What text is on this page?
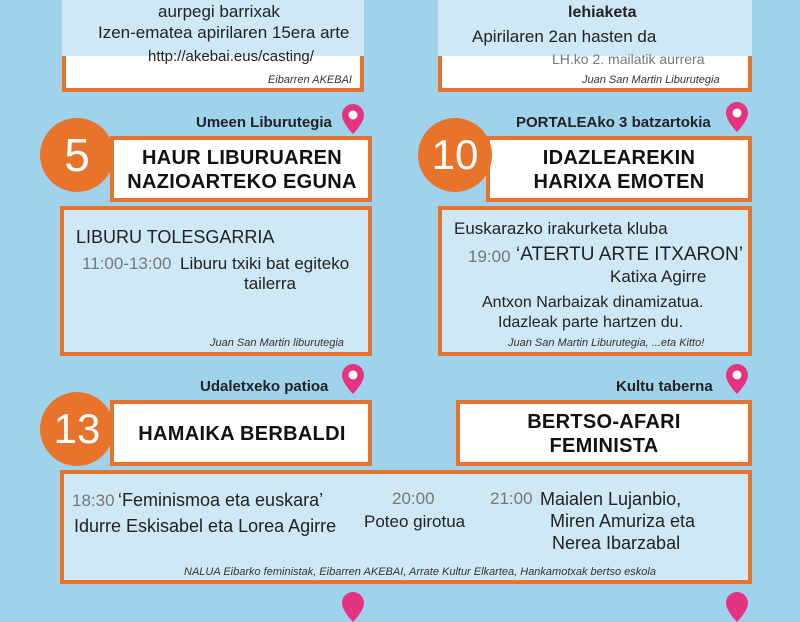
aurpegi barrixak
Izen-ematea apirilaren 15era arte
http://akebai.eus/casting/
Eibarren AKEBAI
lehiaketa
Apirilaren 2an hasten da
LH.ko 2. mailatik aurrera
Juan San Martin Liburutegia
Umeen Liburutegia
5	HAUR LIBURUAREN
NAZIOARTEKO EGUNA
LIBURU TOLESGARRIA
11:00-13:00 Liburu txiki bat egiteko
tailerra
Juan San Martin liburutegia
PORTALEAko 3 batzartokia
10	IDAZLEAREKIN
HARIXA EMOTEN
Euskarazko irakurketa kluba
19:00 ‘ATERTU ARTE ITXARON’
Katixa Agirre
Antxon Narbaizak dinamizatua.
Idazleak parte hartzen du.
Juan San Martin Liburutegia, ...eta Kitto!
Udaletxeko patioa	Kultu taberna
13	HAMAIKA BERBALDI
BERTSO-AFARI
FEMINISTA
18:30 ‘Feminismoa eta euskara’
Idurre Eskisabel eta Lorea Agirre
20:00
Poteo girotua
21:00 Maialen Lujanbio,
Miren Amuriza eta
Nerea Ibarzabal
NALUA Eibarko feministak, Eibarren AKEBAI, Arrate Kultur Elkartea, Hankamotxak bertso eskola
